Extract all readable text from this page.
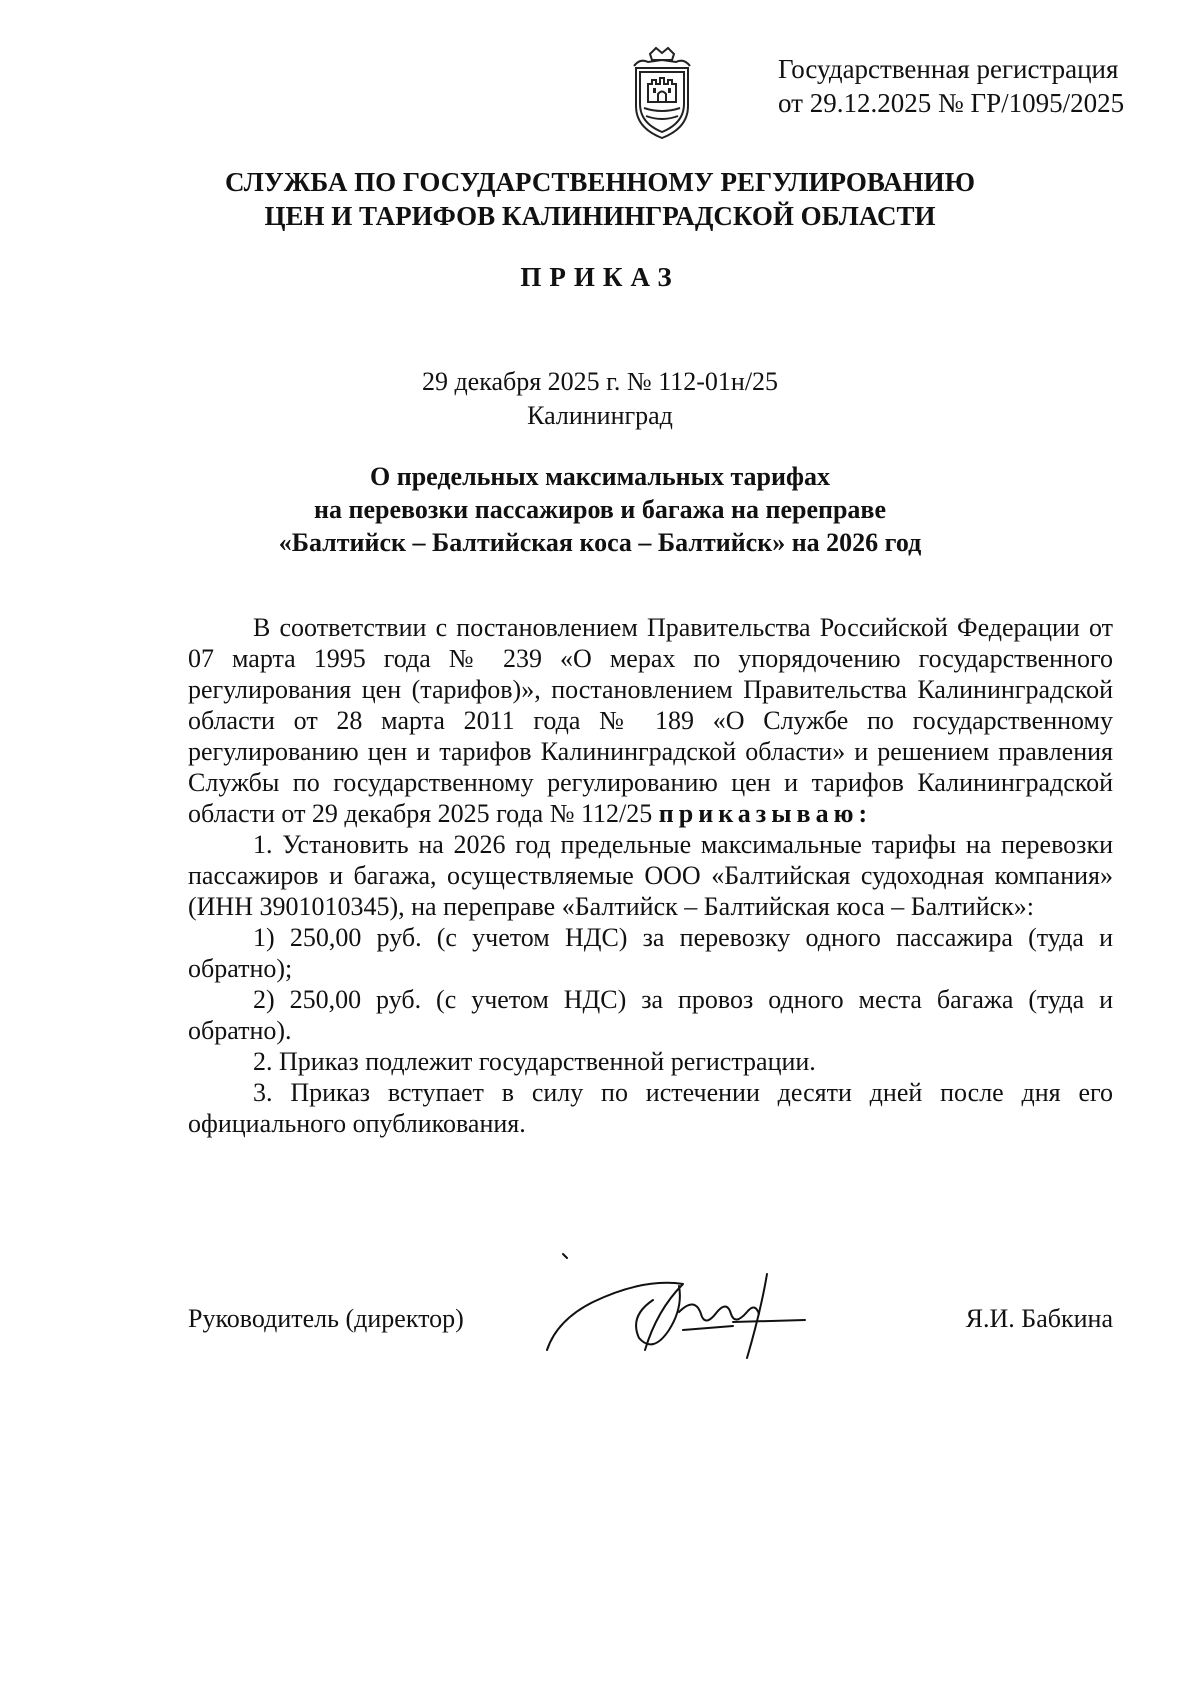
Государственная регистрация
от 29.12.2025 № ГР/1095/2025
СЛУЖБА ПО ГОСУДАРСТВЕННОМУ РЕГУЛИРОВАНИЮ
ЦЕН И ТАРИФОВ КАЛИНИНГРАДСКОЙ ОБЛАСТИ
ПРИКАЗ
29 декабря 2025 г. № 112-01н/25
Калининград
О предельных максимальных тарифах
на перевозки пассажиров и багажа на переправе
«Балтийск – Балтийская коса – Балтийск» на 2026 год

В соответствии с постановлением Правительства Российской Федерации от 07 марта 1995 года № 239 «О мерах по упорядочению государственного регулирования цен (тарифов)», постановлением Правительства Калининградской области от 28 марта 2011 года № 189 «О Службе по государственному регулированию цен и тарифов Калининградской области» и решением правления Службы по государственному регулированию цен и тарифов Калининградской области от 29 декабря 2025 года № 112/25 приказываю:

1. Установить на 2026 год предельные максимальные тарифы на перевозки пассажиров и багажа, осуществляемые ООО «Балтийская судоходная компания» (ИНН 3901010345), на переправе «Балтийск – Балтийская коса – Балтийск»:

1) 250,00 руб. (с учетом НДС) за перевозку одного пассажира (туда и обратно);

2) 250,00 руб. (с учетом НДС) за провоз одного места багажа (туда и обратно).

2. Приказ подлежит государственной регистрации.

3. Приказ вступает в силу по истечении десяти дней после дня его официального опубликования.

Руководитель (директор)	Я.И. Бабкина
